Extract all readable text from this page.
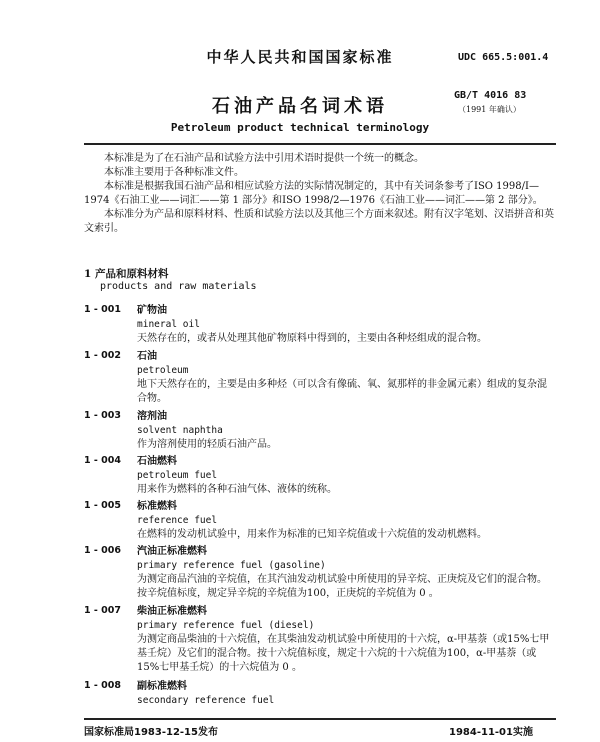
中华人民共和国国家标准	UDC 665.5:001.4
石油产品名词术语
GB/T 4016 83
（1991 年确认）
Petroleum product technical terminology

本标准是为了在石油产品和试验方法中引用术语时提供一个统一的概念。

本标准主要用于各种标准文件。

本标准是根据我国石油产品和相应试验方法的实际情况制定的，其中有关词条参考了ISO 1998/Ⅰ—1974《石油工业——词汇——第 1 部分》和ISO 1998/2—1976《石油工业——词汇——第 2 部分》。

本标准分为产品和原料材料、性质和试验方法以及其他三个方面来叙述。附有汉字笔划、汉语拼音和英文索引。

1 产品和原料材料
products and raw materials
1 - 001 矿物油
mineral oil
天然存在的，或者从处理其他矿物原料中得到的，主要由各种烃组成的混合物。
1 - 002 石油
petroleum
地下天然存在的，主要是由多种烃（可以含有像硫、氧、氮那样的非金属元素）组成的复杂混合物。
1 - 003 溶剂油
solvent naphtha
作为溶剂使用的轻质石油产品。
1 - 004 石油燃料
petroleum fuel
用来作为燃料的各种石油气体、液体的统称。
1 - 005 标准燃料
reference fuel
在燃料的发动机试验中，用来作为标准的已知辛烷值或十六烷值的发动机燃料。
1 - 006 汽油正标准燃料
primary reference fuel (gasoline)
为测定商品汽油的辛烷值，在其汽油发动机试验中所使用的异辛烷、正庚烷及它们的混合物。按辛烷值标度，规定异辛烷的辛烷值为100，正庚烷的辛烷值为 0 。
1 - 007 柴油正标准燃料
primary reference fuel (diesel)
为测定商品柴油的十六烷值，在其柴油发动机试验中所使用的十六烷，α-甲基萘（或15%七甲基壬烷）及它们的混合物。按十六烷值标度，规定十六烷的十六烷值为100，α-甲基萘（或15%七甲基壬烷）的十六烷值为 0 。
1 - 008 副标准燃料
secondary reference fuel
国家标准局1983-12-15发布	1984-11-01实施
